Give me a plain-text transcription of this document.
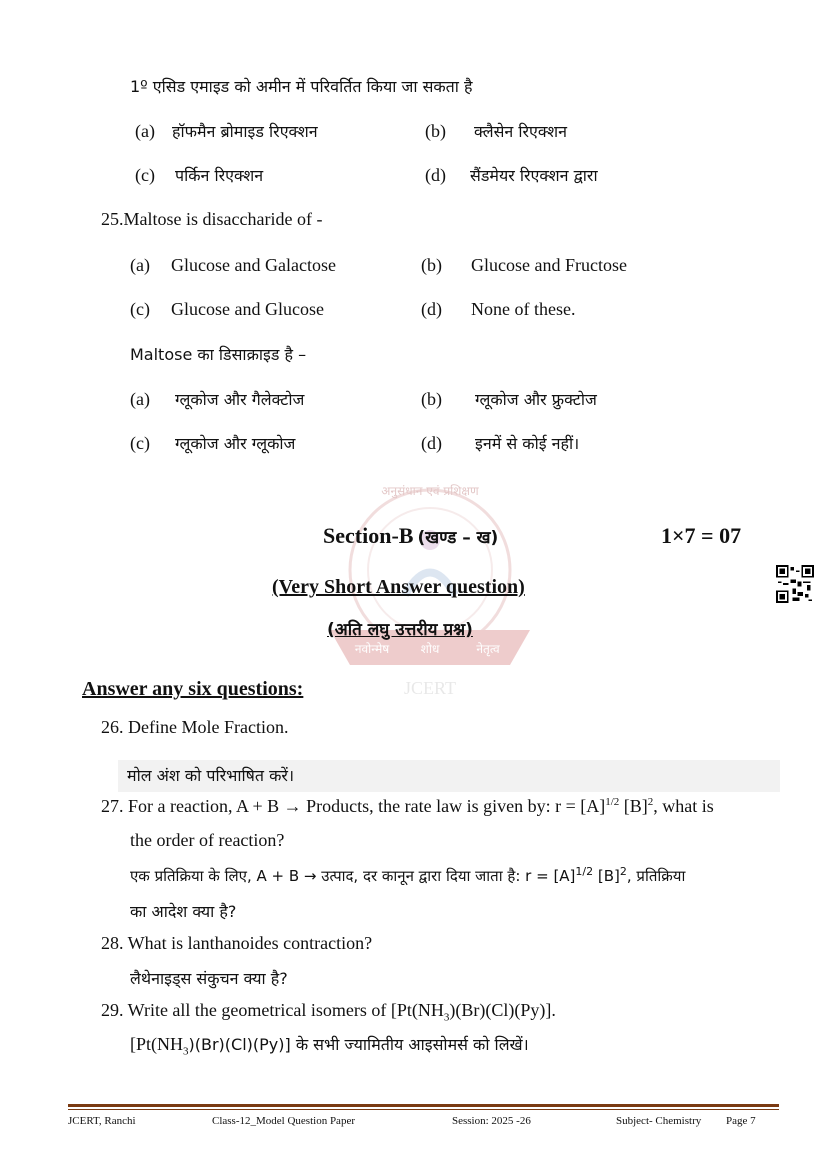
अनुसंधान एवं प्रशिक्षण
नवोन्मेष	शोध	नेतृत्व
JCERT
1º एसिड एमाइड को अमीन में परिवर्तित किया जा सकता है
(a) हॉफमैन ब्रोमाइड रिएक्शन	(b) क्लैसेन रिएक्शन
(c) पर्किन रिएक्शन	(d) सैंडमेयर रिएक्शन द्वारा
25.Maltose is disaccharide of -
(a) Glucose and Galactose	(b) Glucose and Fructose
(c) Glucose and Glucose	(d) None of these.
Maltose का डिसाक्राइड है –
(a) ग्लूकोज और गैलेक्टोज	(b) ग्लूकोज और फ्रुक्टोज
(c) ग्लूकोज और ग्लूकोज	(d) इनमें से कोई नहीं।
Section-B (खण्ड – ख)	1×7 = 07
(Very Short Answer question)
(अति लघु उत्तरीय प्रश्न)
Answer any six questions:
26. Define Mole Fraction.
मोल अंश को परिभाषित करें।
27. For a reaction, A + B → Products, the rate law is given by: $r = [A]^{1/2}$ $[B]^2$, what is
the order of reaction?
एक प्रतिक्रिया के लिए, A + B → उत्पाद, दर कानून द्वारा दिया जाता है: $r = [A]^{1/2}$ $[B]^2$, प्रतिक्रिया
का आदेश क्या है?
28. What is lanthanoides contraction?
लैथेनाइड्स संकुचन क्या है?
29. Write all the geometrical isomers of $[Pt(NH_3)(Br)(Cl)(Py)]$.
$[Pt(NH_3)(Br)(Cl)(Py)]$ के सभी ज्यामितीय आइसोमर्स को लिखें।
JCERT, Ranchi	Class-12_Model Question Paper	Session: 2025 -26	Subject- Chemistry Page 7
